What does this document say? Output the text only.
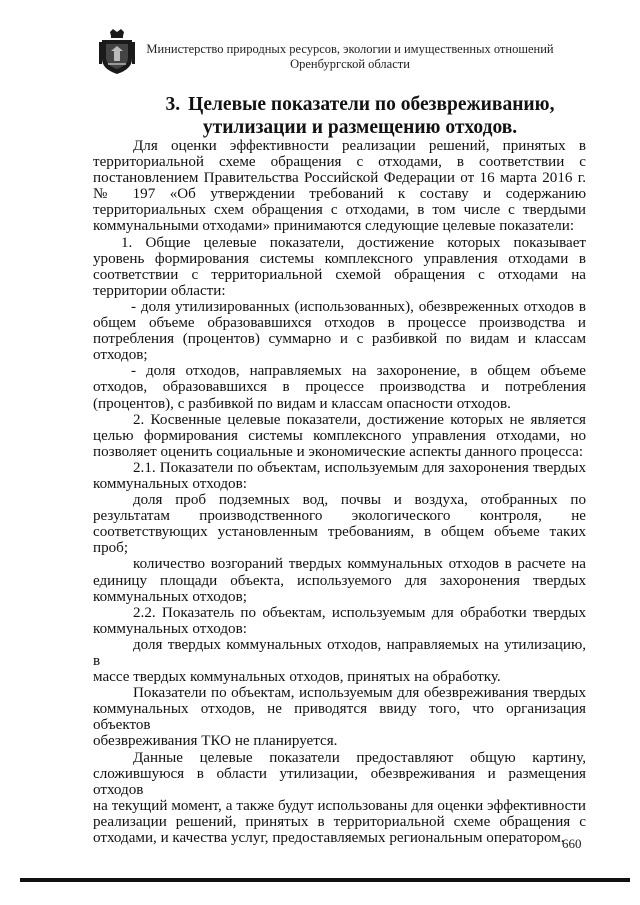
Министерство природных ресурсов, экологии и имущественных отношений
Оренбургской области
3. Целевые показатели по обезвреживанию,
утилизации и размещению отходов.

Для оценки эффективности реализации решений, принятых в

территориальной схеме обращения с отходами, в соответствии с

постановлением Правительства Российской Федерации от 16 марта 2016 г.

№ 197 «Об утверждении требований к составу и содержанию

территориальных схем обращения с отходами, в том числе с твердыми

коммунальными отходами» принимаются следующие целевые показатели:

1. Общие целевые показатели, достижение которых показывает

уровень формирования системы комплексного управления отходами в

соответствии с территориальной схемой обращения с отходами на

территории области:

- доля утилизированных (использованных), обезвреженных отходов в

общем объеме образовавшихся отходов в процессе производства и

потребления (процентов) суммарно и с разбивкой по видам и классам

отходов;

- доля отходов, направляемых на захоронение, в общем объеме

отходов, образовавшихся в процессе производства и потребления

(процентов), с разбивкой по видам и классам опасности отходов.

2. Косвенные целевые показатели, достижение которых не является

целью формирования системы комплексного управления отходами, но

позволяет оценить социальные и экономические аспекты данного процесса:

2.1. Показатели по объектам, используемым для захоронения твердых

коммунальных отходов:

доля проб подземных вод, почвы и воздуха, отобранных по

результатам производственного экологического контроля, не

соответствующих установленным требованиям, в общем объеме таких проб;

количество возгораний твердых коммунальных отходов в расчете на

единицу площади объекта, используемого для захоронения твердых

коммунальных отходов;

2.2. Показатель по объектам, используемым для обработки твердых

коммунальных отходов:

доля твердых коммунальных отходов, направляемых на утилизацию, в

массе твердых коммунальных отходов, принятых на обработку.

Показатели по объектам, используемым для обезвреживания твердых

коммунальных отходов, не приводятся ввиду того, что организация объектов

обезвреживания ТКО не планируется.

Данные целевые показатели предоставляют общую картину,

сложившуюся в области утилизации, обезвреживания и размещения отходов

на текущий момент, а также будут использованы для оценки эффективности

реализации решений, принятых в территориальной схеме обращения с

отходами, и качества услуг, предоставляемых региональным оператором.

660
